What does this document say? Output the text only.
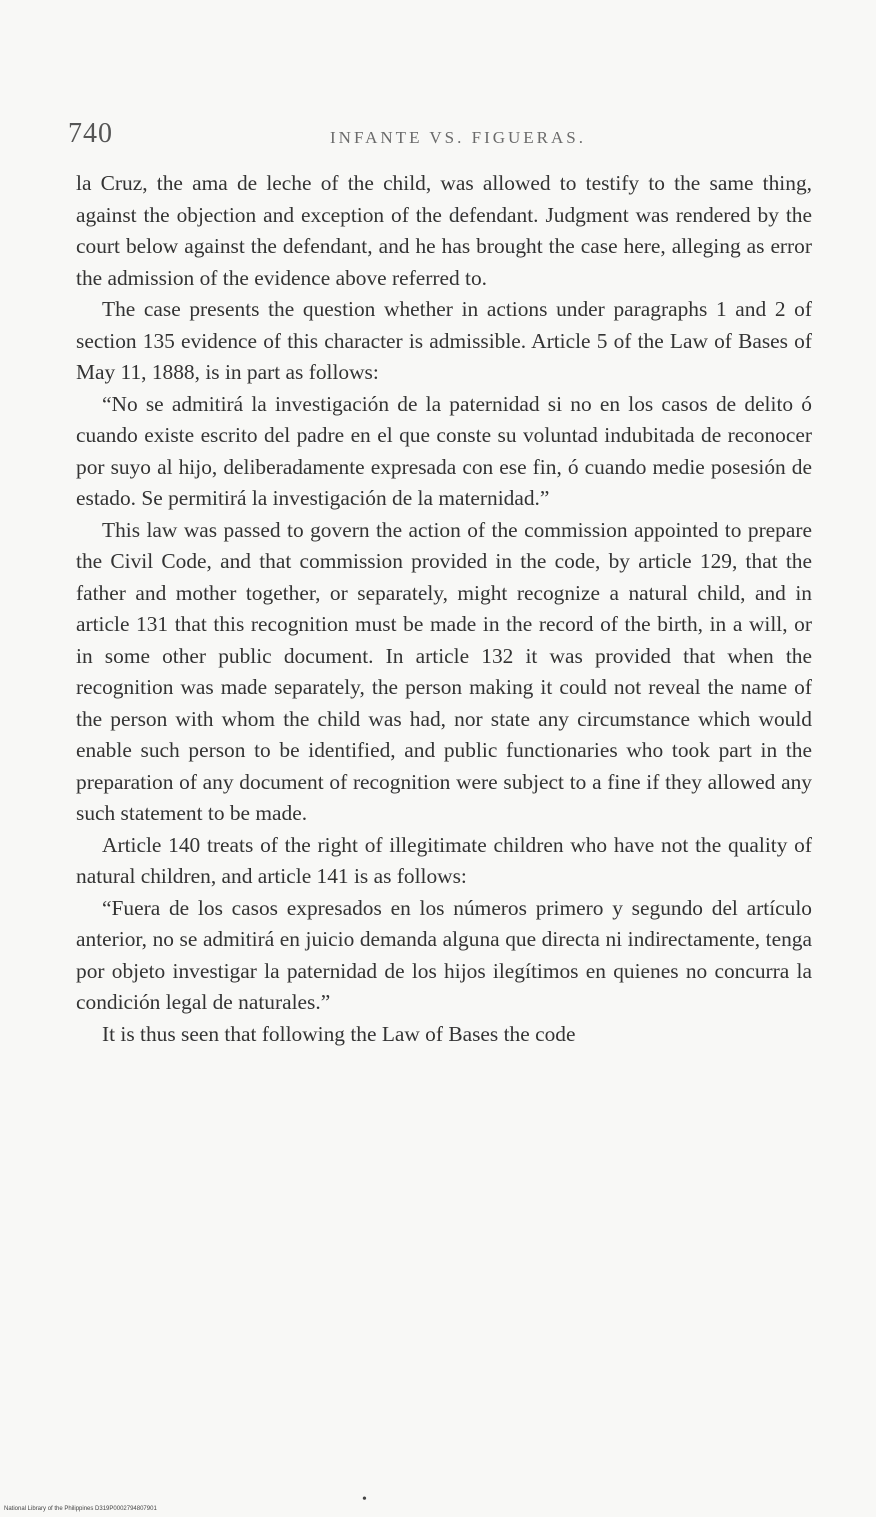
740	INFANTE VS. FIGUERAS.

la Cruz, the ama de leche of the child, was allowed to testify to the same thing, against the objection and exception of the defendant. Judgment was rendered by the court below against the defendant, and he has brought the case here, alleging as error the admission of the evidence above referred to.

The case presents the question whether in actions under paragraphs 1 and 2 of section 135 evidence of this character is admissible. Article 5 of the Law of Bases of May 11, 1888, is in part as follows:

“No se admitirá la investigación de la paternidad si no en los casos de delito ó cuando existe escrito del padre en el que conste su voluntad indubitada de reconocer por suyo al hijo, deliberadamente expresada con ese fin, ó cuando medie posesión de estado. Se permitirá la investigación de la maternidad.”

This law was passed to govern the action of the commission appointed to prepare the Civil Code, and that commission provided in the code, by article 129, that the father and mother together, or separately, might recognize a natural child, and in article 131 that this recognition must be made in the record of the birth, in a will, or in some other public document. In article 132 it was provided that when the recognition was made separately, the person making it could not reveal the name of the person with whom the child was had, nor state any circumstance which would enable such person to be identified, and public functionaries who took part in the preparation of any document of recognition were subject to a fine if they allowed any such statement to be made.

Article 140 treats of the right of illegitimate children who have not the quality of natural children, and article 141 is as follows:

“Fuera de los casos expresados en los números primero y segundo del artículo anterior, no se admitirá en juicio demanda alguna que directa ni indirectamente, tenga por objeto investigar la paternidad de los hijos ilegítimos en quienes no concurra la condición legal de naturales.”

It is thus seen that following the Law of Bases the code

•
National Library of the Philippines D319P0002794807901
